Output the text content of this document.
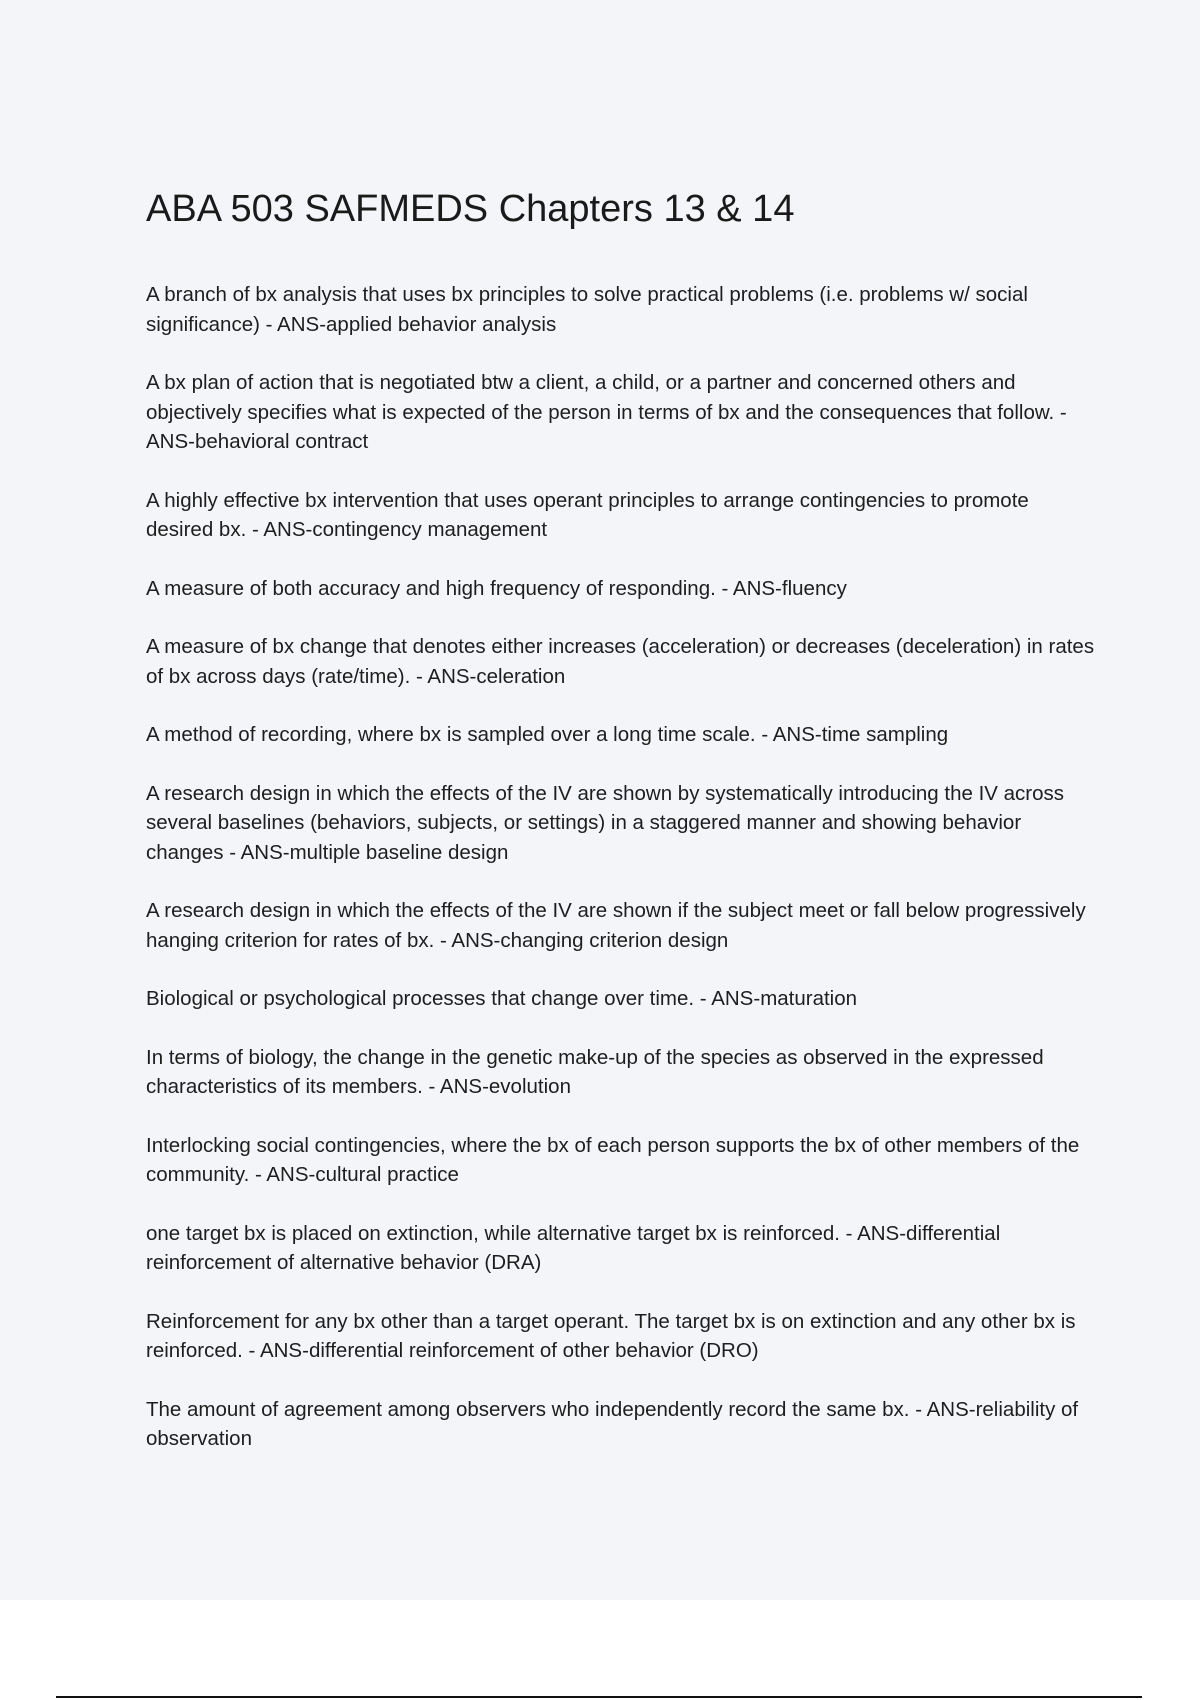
ABA 503 SAFMEDS Chapters 13 & 14
A branch of bx analysis that uses bx principles to solve practical problems (i.e. problems w/ social significance) - ANS-applied behavior analysis
A bx plan of action that is negotiated btw a client, a child, or a partner and concerned others and objectively specifies what is expected of the person in terms of bx and the consequences that follow. - ANS-behavioral contract
A highly effective bx intervention that uses operant principles to arrange contingencies to promote desired bx. - ANS-contingency management
A measure of both accuracy and high frequency of responding. - ANS-fluency
A measure of bx change that denotes either increases (acceleration) or decreases (deceleration) in rates of bx across days (rate/time). - ANS-celeration
A method of recording, where bx is sampled over a long time scale. - ANS-time sampling
A research design in which the effects of the IV are shown by systematically introducing the IV across several baselines (behaviors, subjects, or settings) in a staggered manner and showing behavior changes - ANS-multiple baseline design
A research design in which the effects of the IV are shown if the subject meet or fall below progressively hanging criterion for rates of bx. - ANS-changing criterion design
Biological or psychological processes that change over time. - ANS-maturation
In terms of biology, the change in the genetic make-up of the species as observed in the expressed characteristics of its members. - ANS-evolution
Interlocking social contingencies, where the bx of each person supports the bx of other members of the community. - ANS-cultural practice
one target bx is placed on extinction, while alternative target bx is reinforced. - ANS-differential reinforcement of alternative behavior (DRA)
Reinforcement for any bx other than a target operant. The target bx is on extinction and any other bx is reinforced. - ANS-differential reinforcement of other behavior (DRO)
The amount of agreement among observers who independently record the same bx. - ANS-reliability of observation
